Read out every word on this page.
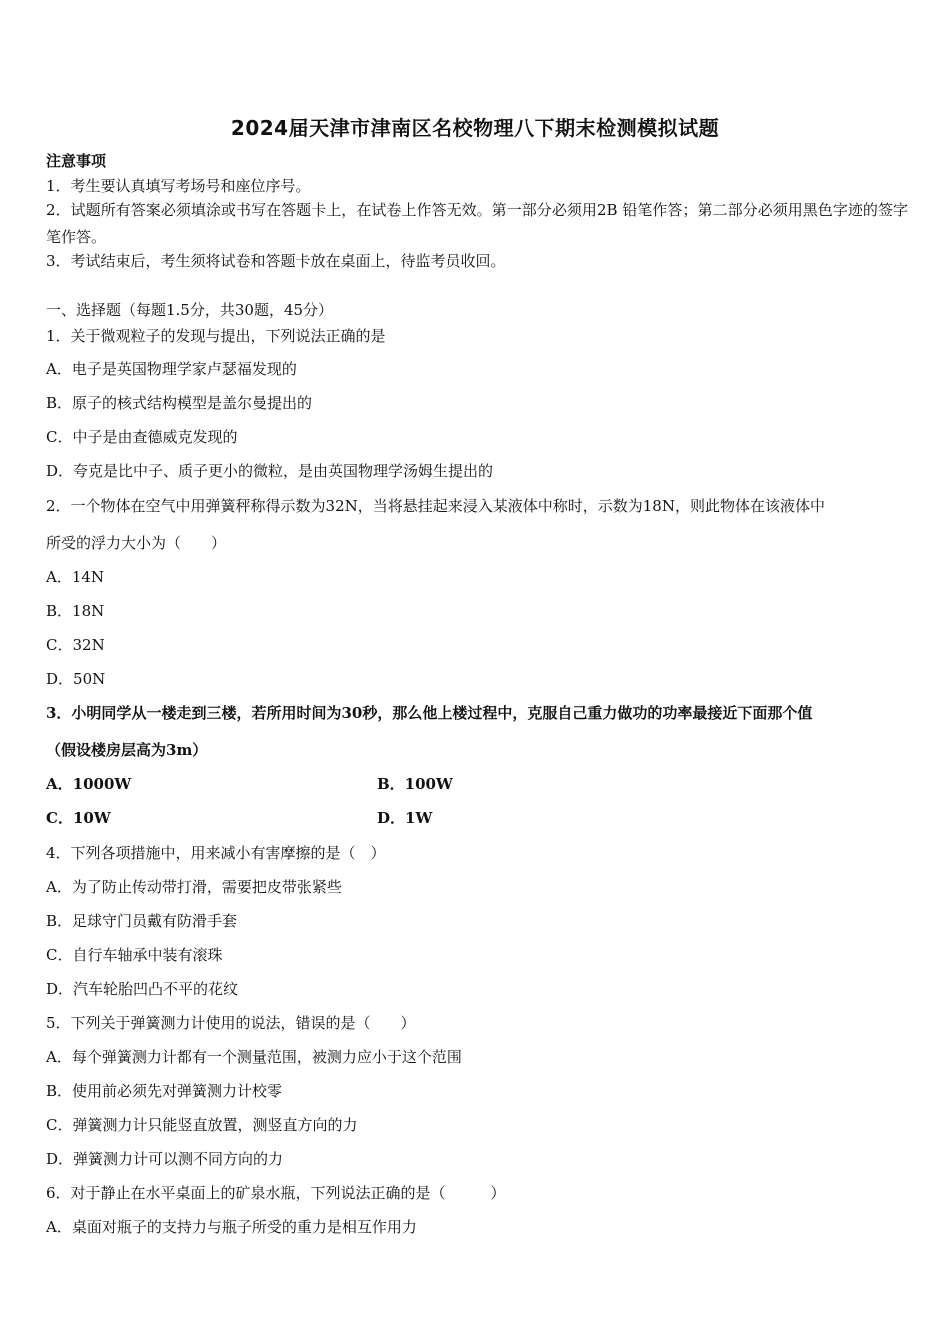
2024届天津市津南区名校物理八下期末检测模拟试题
注意事项
1．考生要认真填写考场号和座位序号。
2．试题所有答案必须填涂或书写在答题卡上，在试卷上作答无效。第一部分必须用2B 铅笔作答；第二部分必须用黑色字迹的签字笔作答。
3．考试结束后，考生须将试卷和答题卡放在桌面上，待监考员收回。
一、选择题（每题1.5分，共30题，45分）
1．关于微观粒子的发现与提出，下列说法正确的是
A．电子是英国物理学家卢瑟福发现的
B．原子的核式结构模型是盖尔曼提出的
C．中子是由查德威克发现的
D．夸克是比中子、质子更小的微粒，是由英国物理学汤姆生提出的
2．一个物体在空气中用弹簧秤称得示数为32N，当将悬挂起来浸入某液体中称时，示数为18N，则此物体在该液体中
所受的浮力大小为（　　）
A．14N
B．18N
C．32N
D．50N
3．小明同学从一楼走到三楼，若所用时间为30秒，那么他上楼过程中，克服自己重力做功的功率最接近下面那个值
（假设楼房层高为3m）
A．1000W	B．100W
C．10W	D．1W
4．下列各项措施中，用来减小有害摩擦的是（　）
A．为了防止传动带打滑，需要把皮带张紧些
B．足球守门员戴有防滑手套
C．自行车轴承中装有滚珠
D．汽车轮胎凹凸不平的花纹
5．下列关于弹簧测力计使用的说法，错误的是（　　）
A．每个弹簧测力计都有一个测量范围，被测力应小于这个范围
B．使用前必须先对弹簧测力计校零
C．弹簧测力计只能竖直放置，测竖直方向的力
D．弹簧测力计可以测不同方向的力
6．对于静止在水平桌面上的矿泉水瓶，下列说法正确的是（　　　）
A．桌面对瓶子的支持力与瓶子所受的重力是相互作用力
